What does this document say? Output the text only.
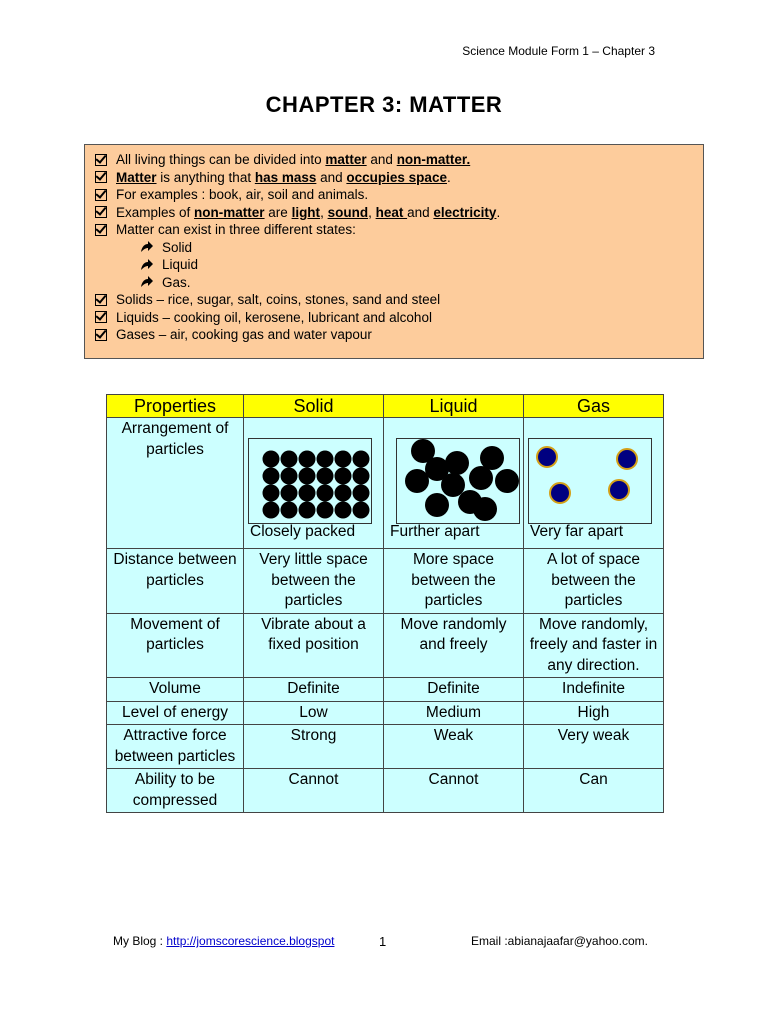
Science Module Form 1 – Chapter 3
CHAPTER 3: MATTER
All living things can be divided into
matter and non-matter.
Matter is anything that has mass and occupies space .
For examples : book, air, soil and animals.
Examples of non-matter are light , sound , heat and electricity .
Matter can exist in three different states:
Solid
Liquid
Gas.
Solids – rice, sugar, salt, coins, stones, sand and steel
Liquids – cooking oil, kerosene, lubricant and alcohol
Gases – air, cooking gas and water vapour
Properties	Solid	Liquid	Gas
Arrangement of particles	Closely packed	Further apart	Very far apart

Distance between particles	Very little space between the particles	More space between the particles	A lot of space between the particles
Movement of particles	Vibrate about a fixed position	Move randomly and freely	Move randomly, freely and faster in any direction.
Volume	Definite	Definite	Indefinite
Level of energy	Low	Medium	High
Attractive force between particles	Strong	Weak	Very weak
Ability to be compressed	Cannot	Cannot	Can
My Blog : http://jomscorescience.blogspot	1	Email :abianajaafar@yahoo.com.
